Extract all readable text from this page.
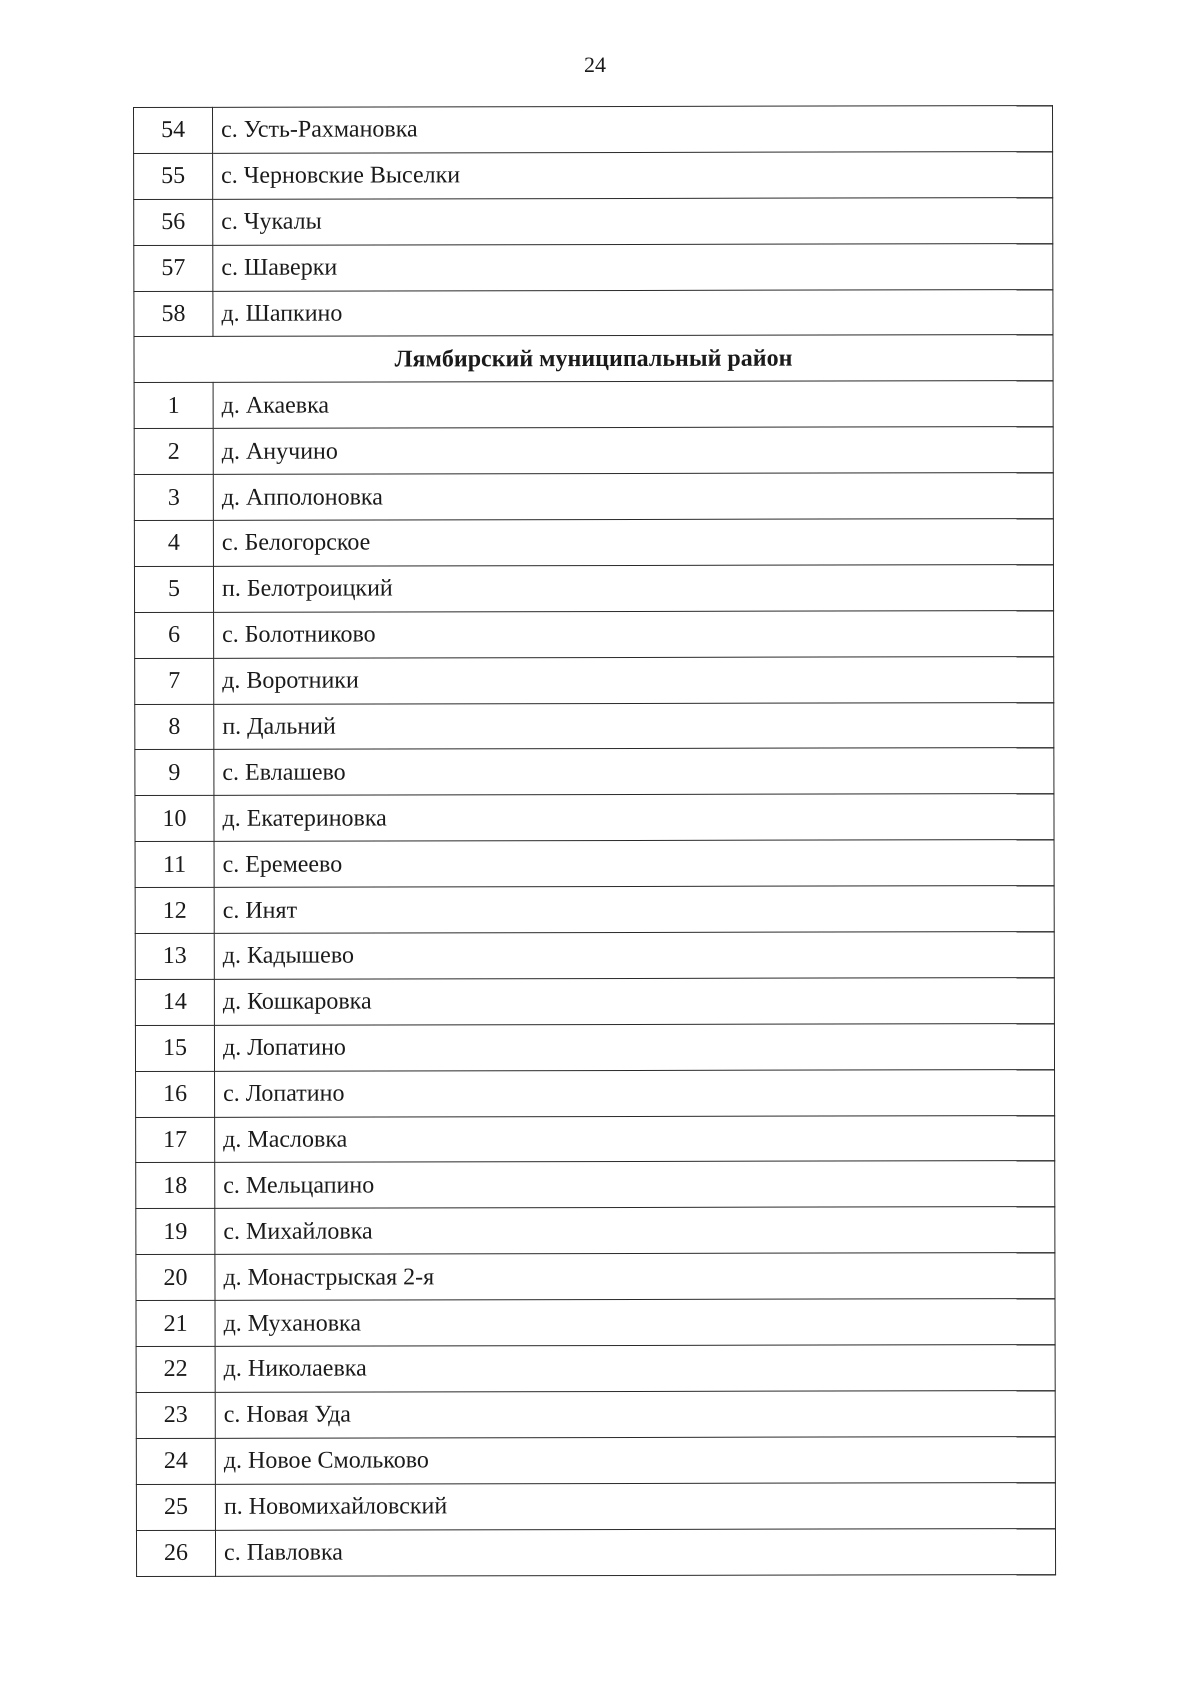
24
54	с. Усть-Рахмановка
55	с. Черновские Выселки
56	с. Чукалы
57	с. Шаверки
58	д. Шапкино
Лямбирский муниципальный район	
1	д. Акаевка
2	д. Анучино
3	д. Апполоновка
4	с. Белогорское
5	п. Белотроицкий
6	с. Болотниково
7	д. Воротники
8	п. Дальний
9	с. Евлашево
10	д. Екатериновка
11	с. Еремеево
12	с. Инят
13	д. Кадышево
14	д. Кошкаровка
15	д. Лопатино
16	с. Лопатино
17	д. Масловка
18	с. Мельцапино
19	с. Михайловка
20	д. Монастрыская 2-я
21	д. Мухановка
22	д. Николаевка
23	с. Новая Уда
24	д. Новое Смольково
25	п. Новомихайловский
26	с. Павловка
